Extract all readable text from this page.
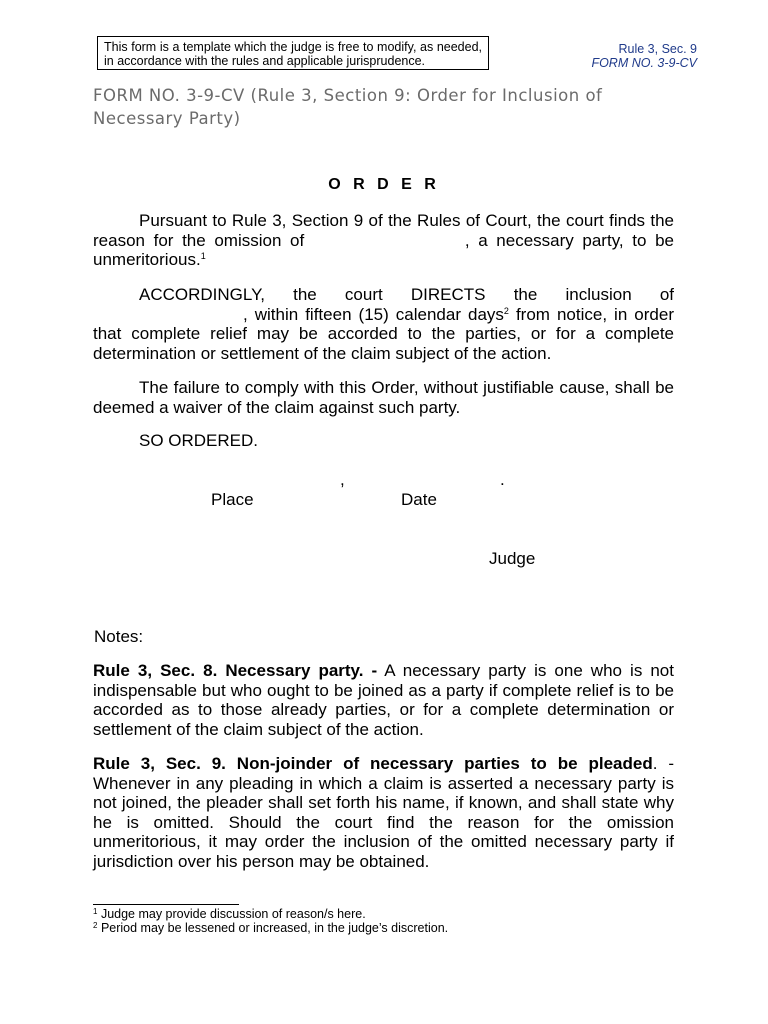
This form is a template which the judge is free to modify, as needed, in accordance with the rules and applicable jurisprudence.
Rule 3, Sec. 9
FORM NO. 3-9-CV
FORM NO. 3-9-CV (Rule 3, Section 9: Order for Inclusion of Necessary Party)
O R D E R
Pursuant to Rule 3, Section 9 of the Rules of Court, the court finds the reason for the omission of	, a necessary party, to be unmeritorious.$^1$
ACCORDINGLY, the court DIRECTS the inclusion of , within fifteen (15) calendar days$^2$ from notice, in order that complete relief may be accorded to the parties, or for a complete determination or settlement of the claim subject of the action.
The failure to comply with this Order, without justifiable cause, shall be deemed a waiver of the claim against such party.
SO ORDERED.
,	.
Place	Date
Judge
Notes:
Rule 3, Sec. 8. Necessary party. - A necessary party is one who is not indispensable but who ought to be joined as a party if complete relief is to be accorded as to those already parties, or for a complete determination or settlement of the claim subject of the action.
Rule 3, Sec. 9. Non-joinder of necessary parties to be pleaded. - Whenever in any pleading in which a claim is asserted a necessary party is not joined, the pleader shall set forth his name, if known, and shall state why he is omitted. Should the court find the reason for the omission unmeritorious, it may order the inclusion of the omitted necessary party if jurisdiction over his person may be obtained.
$^1$ Judge may provide discussion of reason/s here.
$^2$ Period may be lessened or increased, in the judge’s discretion.
